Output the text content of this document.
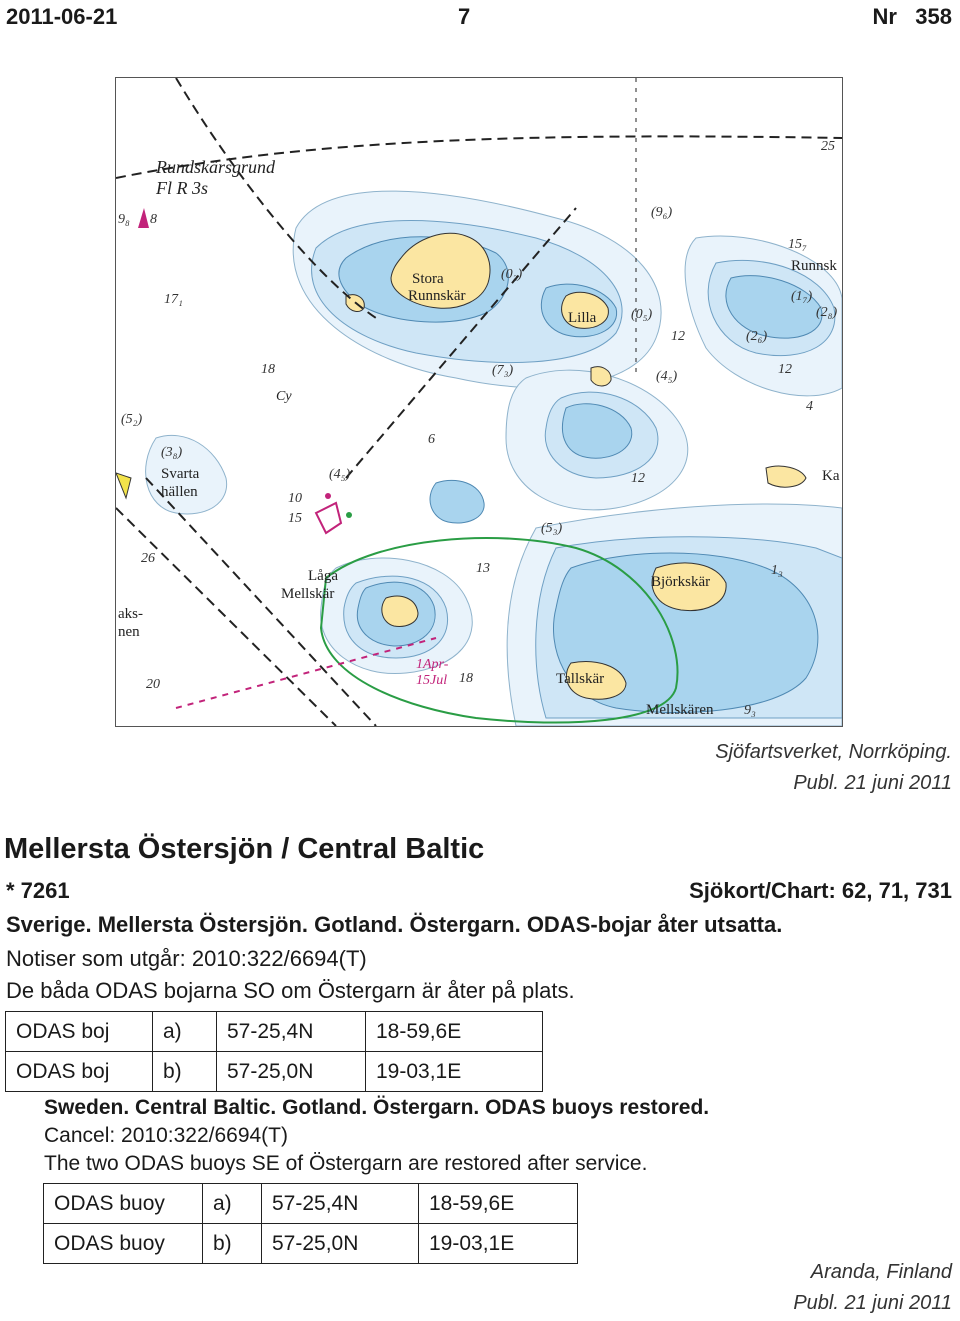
2011-06-21	7	Nr   358
Rundskärsgrund
Fl R 3s
Stora
Runnskär
Lilla
Runnsk
Svarta
hällen
Låga
Mellskär
Björkskär
Tallskär
Mellskären
aks-
nen
Ka
Cy
1Apr-
15Jul
25
8
9₈	(9₆)
15₇
17₁
18
12
12
12
4
(5₂)
(3₈)
(4₅)
(4₅)
(7₃)
(0₃)
(0₅)
(1₇)
(2₈)
(2₆)
10
15
26
13	1₃
(5₃)
20	18
9₃
6
Sjöfartsverket, Norrköping.
Publ. 21 juni 2011
Mellersta Östersjön / Central Baltic
* 7261	Sjökort/Chart: 62, 71, 731
Sverige. Mellersta Östersjön. Gotland. Östergarn. ODAS-bojar åter utsatta.
Notiser som utgår: 2010:322/6694(T)
De båda ODAS bojarna SO om Östergarn är åter på plats.
ODAS boj	a)	57-25,4N	18-59,6E
ODAS boj	b)	57-25,0N	19-03,1E
Sweden. Central Baltic. Gotland. Östergarn. ODAS buoys restored.
Cancel: 2010:322/6694(T)
The two ODAS buoys SE of Östergarn are restored after service.
ODAS buoy	a)	57-25,4N	18-59,6E
ODAS buoy	b)	57-25,0N	19-03,1E
Aranda, Finland
Publ. 21 juni 2011
